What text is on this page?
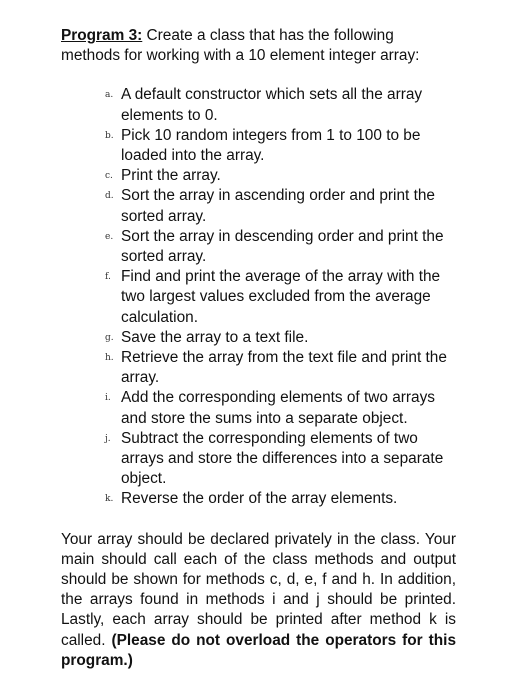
Program 3: Create a class that has the following methods for working with a 10 element integer array:

a. A default constructor which sets all the array elements to 0.
b. Pick 10 random integers from 1 to 100 to be loaded into the array.
c. Print the array.
d. Sort the array in ascending order and print the sorted array.
e. Sort the array in descending order and print the sorted array.
f. Find and print the average of the array with the two largest values excluded from the average calculation.
g. Save the array to a text file.
h. Retrieve the array from the text file and print the array.
i. Add the corresponding elements of two arrays and store the sums into a separate object.
j. Subtract the corresponding elements of two arrays and store the differences into a separate object.
k. Reverse the order of the array elements.

Your array should be declared privately in the class. Your main should call each of the class methods and output should be shown for methods c, d, e, f and h. In addition, the arrays found in methods i and j should be printed. Lastly, each array should be printed after method k is called. (Please do not overload the operators for this program.)
